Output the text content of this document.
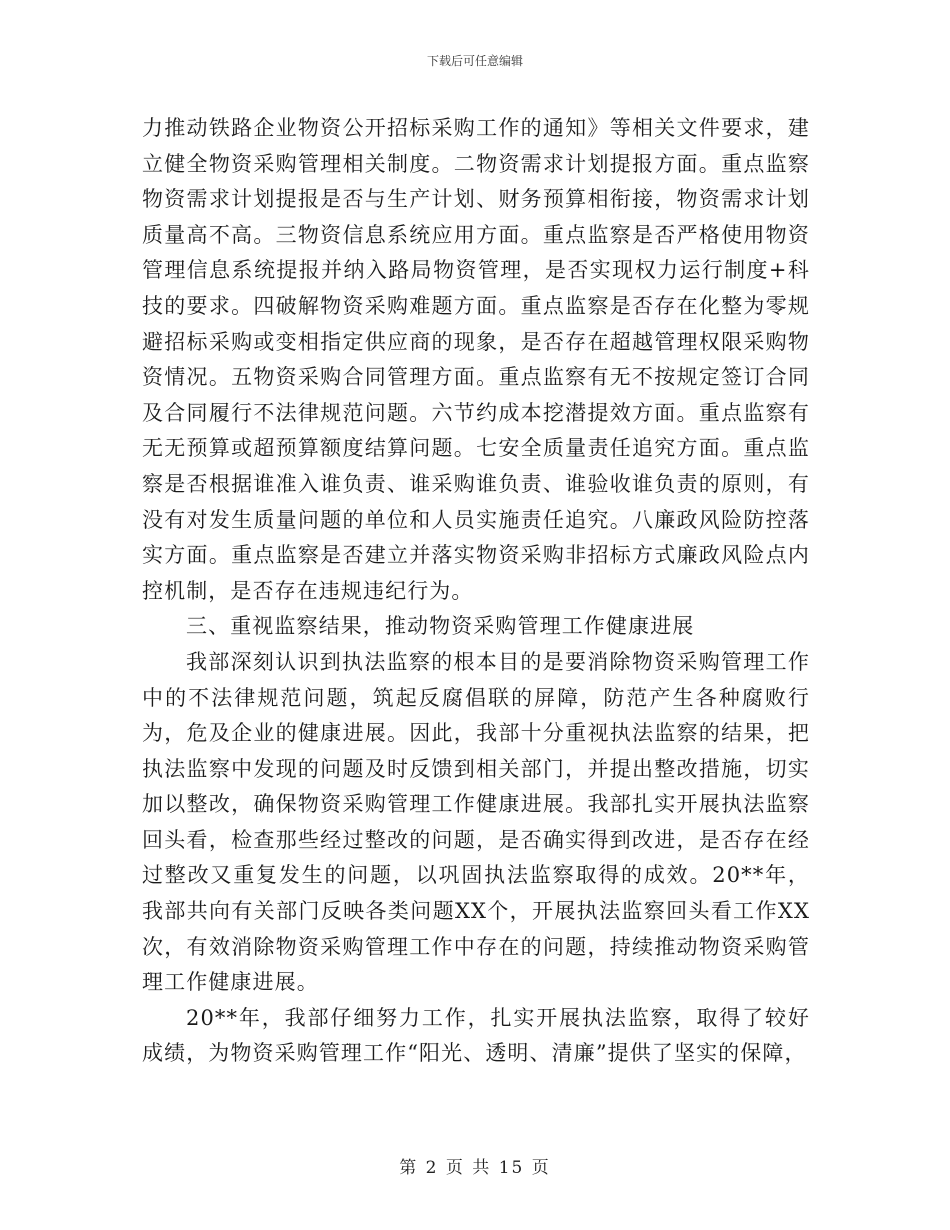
下载后可任意编辑

力推动铁路企业物资公开招标采购工作的通知》等相关文件要求，建立健全物资采购管理相关制度。二物资需求计划提报方面。重点监察物资需求计划提报是否与生产计划、财务预算相衔接，物资需求计划质量高不高。三物资信息系统应用方面。重点监察是否严格使用物资管理信息系统提报并纳入路局物资管理，是否实现权力运行制度+科技的要求。四破解物资采购难题方面。重点监察是否存在化整为零规避招标采购或变相指定供应商的现象，是否存在超越管理权限采购物资情况。五物资采购合同管理方面。重点监察有无不按规定签订合同及合同履行不法律规范问题。六节约成本挖潜提效方面。重点监察有无无预算或超预算额度结算问题。七安全质量责任追究方面。重点监察是否根据谁准入谁负责、谁采购谁负责、谁验收谁负责的原则，有没有对发生质量问题的单位和人员实施责任追究。八廉政风险防控落实方面。重点监察是否建立并落实物资采购非招标方式廉政风险点内控机制，是否存在违规违纪行为。

三、重视监察结果，推动物资采购管理工作健康进展

我部深刻认识到执法监察的根本目的是要消除物资采购管理工作中的不法律规范问题，筑起反腐倡联的屏障，防范产生各种腐败行为，危及企业的健康进展。因此，我部十分重视执法监察的结果，把执法监察中发现的问题及时反馈到相关部门，并提出整改措施，切实加以整改，确保物资采购管理工作健康进展。我部扎实开展执法监察回头看，检查那些经过整改的问题，是否确实得到改进，是否存在经过整改又重复发生的问题，以巩固执法监察取得的成效。20**年，我部共向有关部门反映各类问题XX个，开展执法监察回头看工作XX次，有效消除物资采购管理工作中存在的问题，持续推动物资采购管理工作健康进展。

20**年，我部仔细努力工作，扎实开展执法监察，取得了较好成绩，为物资采购管理工作“阳光、透明、清廉”提供了坚实的保障，

第 2 页 共 15 页
